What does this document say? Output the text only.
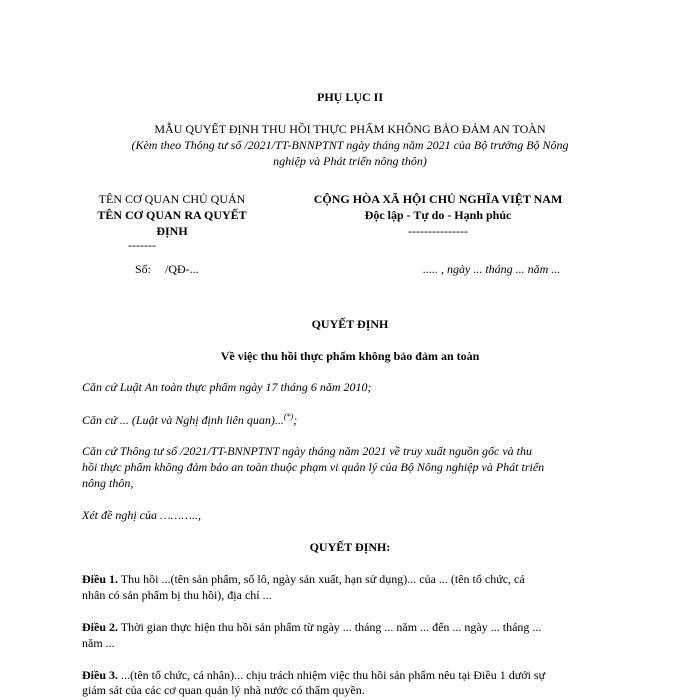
PHỤ LỤC II
MẪU QUYẾT ĐỊNH THU HỒI THỰC PHẨM KHÔNG BẢO ĐẢM AN TOÀN
(Kèm theo Thông tư số /2021/TT-BNNPTNT ngày tháng năm 2021 của Bộ trưởng Bộ Nông
nghiệp và Phát triển nông thôn)
TÊN CƠ QUAN CHỦ QUẢN
TÊN CƠ QUAN RA QUYẾT
ĐỊNH
-------
Số: /QĐ-...
CỘNG HÒA XÃ HỘI CHỦ NGHĨA VIỆT NAM
Độc lập - Tự do - Hạnh phúc
---------------
..... , ngày ... tháng ... năm ...
QUYẾT ĐỊNH
Về việc thu hồi thực phẩm không bảo đảm an toàn
Căn cứ Luật An toàn thực phẩm ngày 17 tháng 6 năm 2010;
Căn cứ ... (Luật và Nghị định liên quan)...(*);
Căn cứ Thông tư số /2021/TT-BNNPTNT ngày tháng năm 2021 về truy xuất nguồn gốc và thu
hồi thực phẩm không đảm bảo an toàn thuộc phạm vi quản lý của Bộ Nông nghiệp và Phát triển
nông thôn,
Xét đề nghị của ………..,
QUYẾT ĐỊNH:
Điều 1. Thu hồi ...(tên sản phẩm, số lô, ngày sản xuất, hạn sử dụng)... của ... (tên tổ chức, cá
nhân có sản phẩm bị thu hồi), địa chỉ ...
Điều 2. Thời gian thực hiện thu hồi sản phẩm từ ngày ... tháng ... năm ... đến ... ngày ... tháng ...
năm ...
Điều 3. ...(tên tổ chức, cá nhân)... chịu trách nhiệm việc thu hồi sản phẩm nêu tại Điều 1 dưới sự
giám sát của các cơ quan quản lý nhà nước có thẩm quyền.
